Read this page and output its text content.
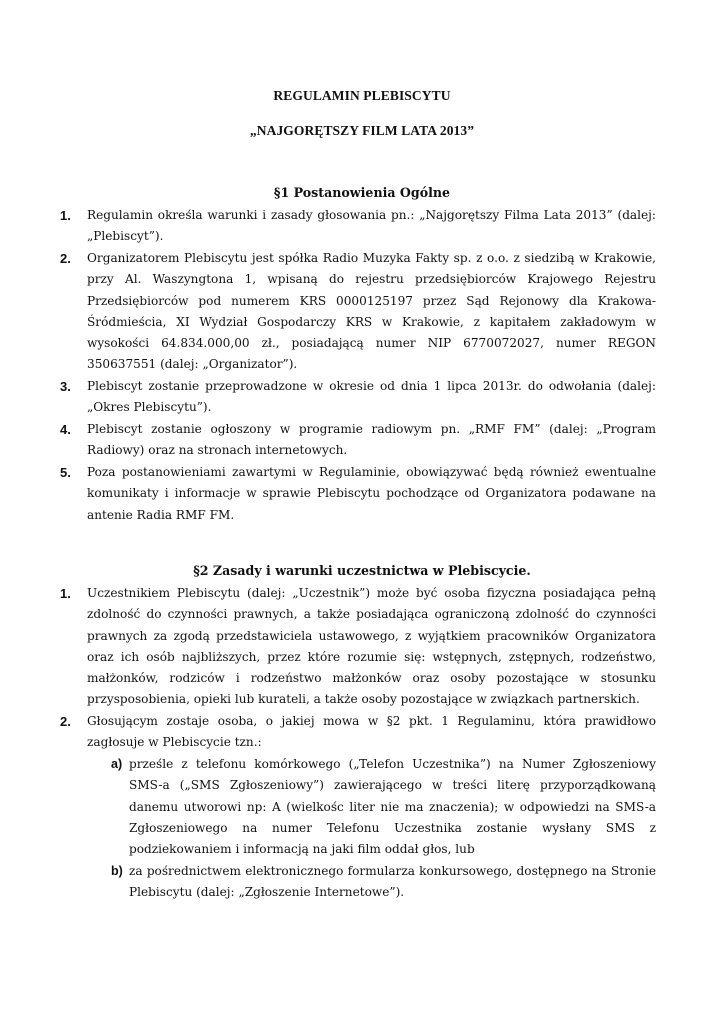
REGULAMIN PLEBISCYTU
„NAJGORĘTSZY FILM LATA 2013”
§1 Postanowienia Ogólne
1.	Regulamin określa warunki i zasady głosowania pn.: „Najgorętszy Filma Lata 2013” (dalej: „Plebiscyt”).
2.	Organizatorem Plebiscytu jest spółka Radio Muzyka Fakty sp. z o.o. z siedzibą w Krakowie, przy Al. Waszyngtona 1, wpisaną do rejestru przedsiębiorców Krajowego Rejestru Przedsiębiorców pod numerem KRS 0000125197 przez Sąd Rejonowy dla Krakowa-Śródmieścia, XI Wydział Gospodarczy KRS w Krakowie, z kapitałem zakładowym w wysokości 64.834.000,00 zł., posiadającą numer NIP 6770072027, numer REGON 350637551 (dalej: „Organizator”).
3.	Plebiscyt zostanie przeprowadzone w okresie od dnia 1 lipca 2013r. do odwołania (dalej: „Okres Plebiscytu”).
4.	Plebiscyt zostanie ogłoszony w programie radiowym pn. „RMF FM” (dalej: „Program Radiowy) oraz na stronach internetowych.
5.	Poza postanowieniami zawartymi w Regulaminie, obowiązywać będą również ewentualne komunikaty i informacje w sprawie Plebiscytu pochodzące od Organizatora podawane na antenie Radia RMF FM.
§2 Zasady i warunki uczestnictwa w Plebiscycie.
1.	Uczestnikiem Plebiscytu (dalej: „Uczestnik”) może być osoba fizyczna posiadająca pełną zdolność do czynności prawnych, a także posiadająca ograniczoną zdolność do czynności prawnych za zgodą przedstawiciela ustawowego, z wyjątkiem pracowników Organizatora oraz ich osób najbliższych, przez które rozumie się: wstępnych, zstępnych, rodzeństwo, małżonków, rodziców i rodzeństwo małżonków oraz osoby pozostające w stosunku przysposobienia, opieki lub kurateli, a także osoby pozostające w związkach partnerskich.
2.	Głosującym zostaje osoba, o jakiej mowa w §2 pkt. 1 Regulaminu, która prawidłowo zagłosuje w Plebiscycie tzn.:
a) prześle z telefonu komórkowego („Telefon Uczestnika”) na Numer Zgłoszeniowy SMS-a („SMS Zgłoszeniowy”) zawierającego w treści literę przyporządkowaną danemu utworowi np: A (wielkośc liter nie ma znaczenia); w odpowiedzi na SMS-a Zgłoszeniowego na numer Telefonu Uczestnika zostanie wysłany SMS z podziekowaniem i informacją na jaki film oddał głos, lub
b) za pośrednictwem elektronicznego formularza konkursowego, dostępnego na Stronie Plebiscytu (dalej: „Zgłoszenie Internetowe”).
